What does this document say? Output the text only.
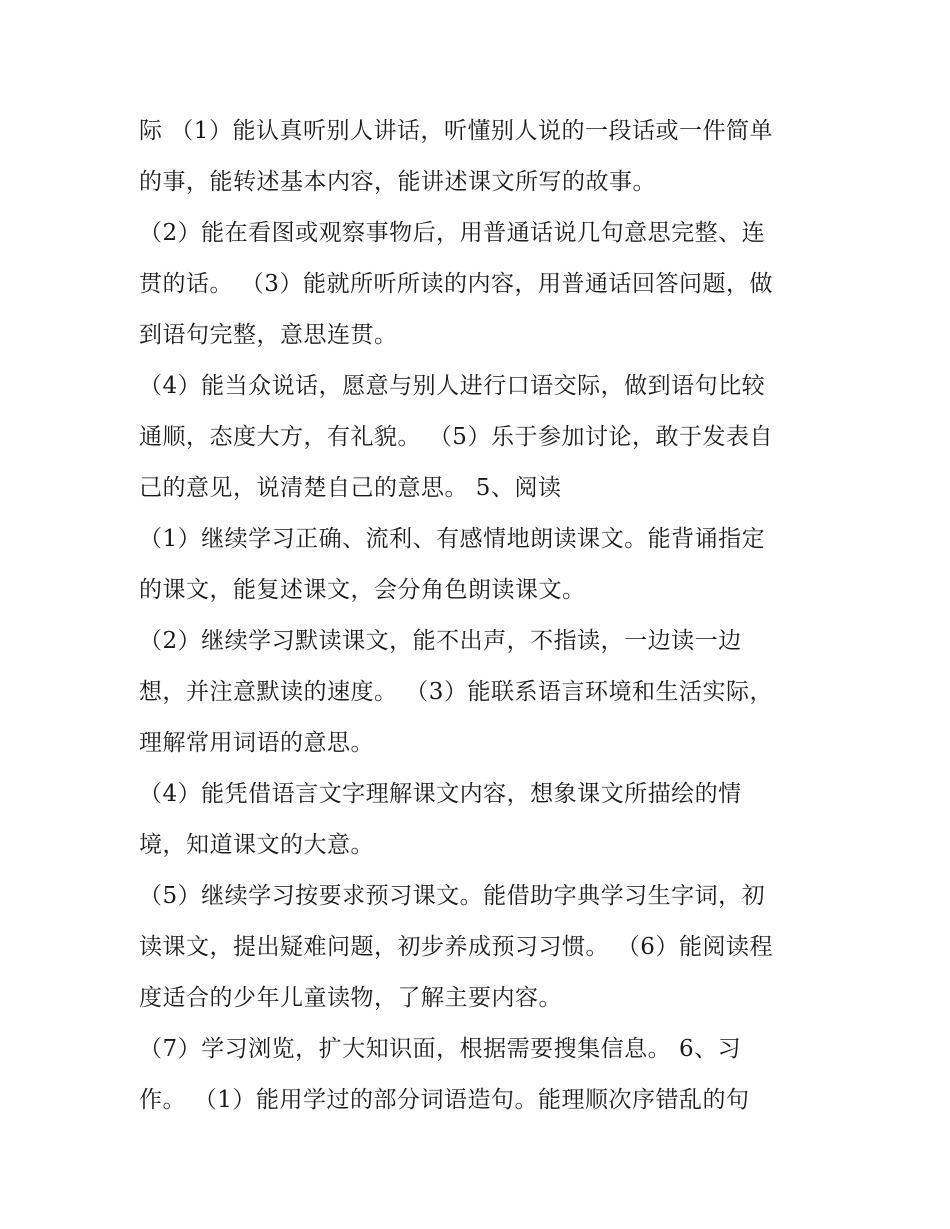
际 （1）能认真听别人讲话，听懂别人说的一段话或一件简单
的事，能转述基本内容，能讲述课文所写的故事。
（2）能在看图或观察事物后，用普通话说几句意思完整、连
贯的话。 （3）能就所听所读的内容，用普通话回答问题，做
到语句完整，意思连贯。
（4）能当众说话，愿意与别人进行口语交际，做到语句比较
通顺，态度大方，有礼貌。 （5）乐于参加讨论，敢于发表自
己的意见，说清楚自己的意思。 5、阅读
（1）继续学习正确、流利、有感情地朗读课文。能背诵指定
的课文，能复述课文，会分角色朗读课文。
（2）继续学习默读课文，能不出声，不指读，一边读一边
想，并注意默读的速度。 （3）能联系语言环境和生活实际，
理解常用词语的意思。
（4）能凭借语言文字理解课文内容，想象课文所描绘的情
境，知道课文的大意。
（5）继续学习按要求预习课文。能借助字典学习生字词，初
读课文，提出疑难问题，初步养成预习习惯。 （6）能阅读程
度适合的少年儿童读物，了解主要内容。
（7）学习浏览，扩大知识面，根据需要搜集信息。 6、习
作。 （1）能用学过的部分词语造句。能理顺次序错乱的句
